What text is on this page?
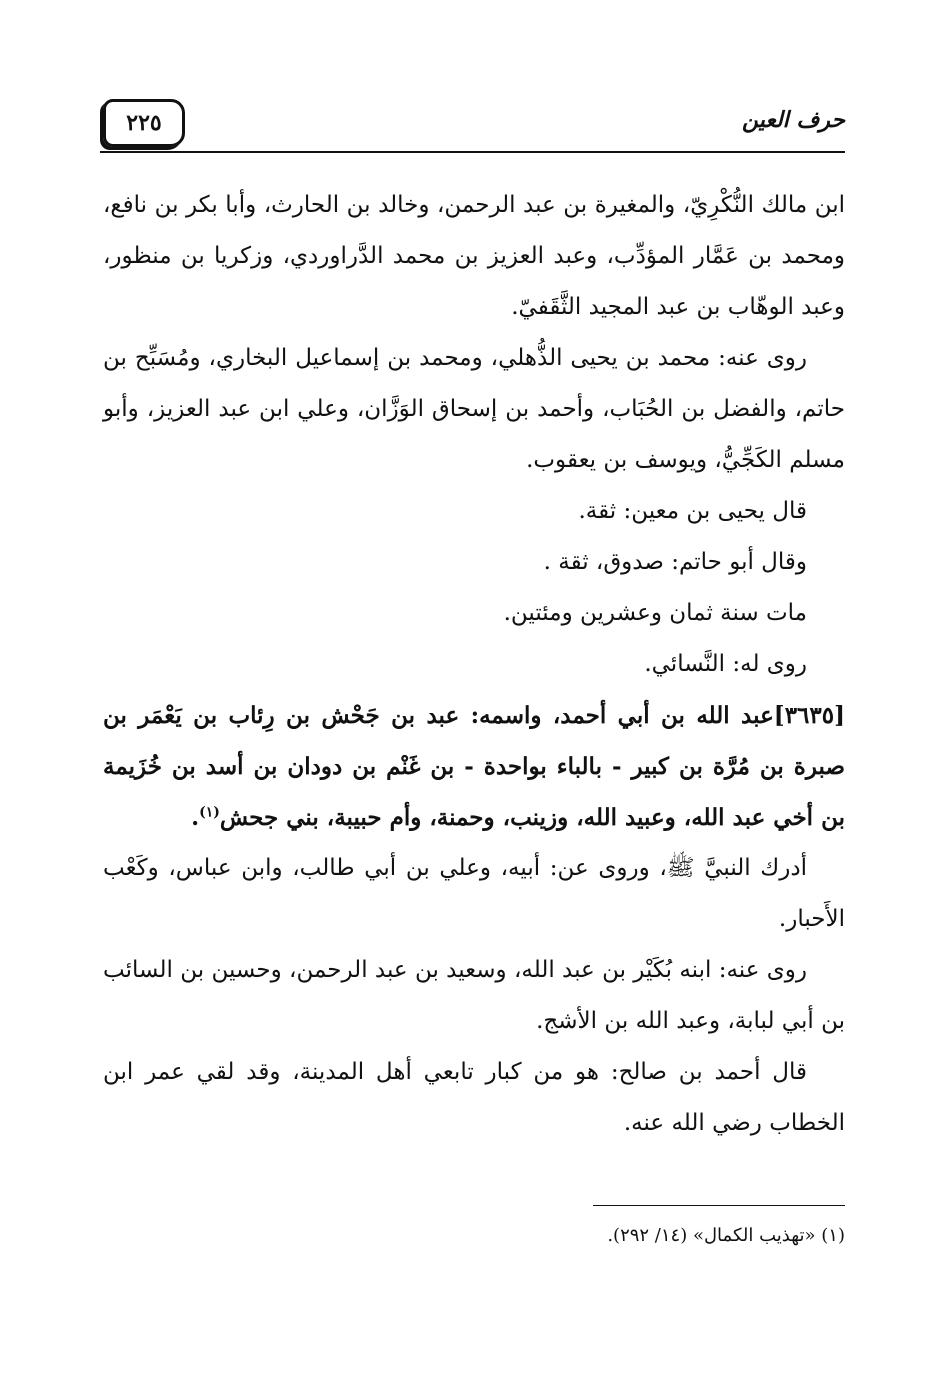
حرف العين
٢٢٥

ابن مالك النُّكْرِيّ، والمغيرة بن عبد الرحمن، وخالد بن الحارث، وأبا بكر بن نافع، ومحمد بن عَمَّار المؤدِّب، وعبد العزيز بن محمد الدَّراوردي، وزكريا بن منظور، وعبد الوهّاب بن عبد المجيد الثَّقَفيّ.

روى عنه: محمد بن يحيى الذُّهلي، ومحمد بن إسماعيل البخاري، ومُسَبِّح بن حاتم، والفضل بن الحُبَاب، وأحمد بن إسحاق الوَزَّان، وعلي ابن عبد العزيز، وأبو مسلم الكَجِّيُّ، ويوسف بن يعقوب.

قال يحيى بن معين: ثقة.

وقال أبو حاتم: صدوق، ثقة .

مات سنة ثمان وعشرين ومئتين.

روى له: النَّسائي.

[٣٦٣٥]عبد الله بن أبي أحمد، واسمه: عبد بن جَحْش بن رِئاب بن يَعْمَر بن صبرة بن مُرَّة بن كبير - بالباء بواحدة - بن غَنْم بن دودان بن أسد بن خُزَيمة بن أخي عبد الله، وعبيد الله، وزينب، وحمنة، وأم حبيبة، بني جحش$^{(١)}$.

أدرك النبيَّ ﷺ، وروى عن: أبيه، وعلي بن أبي طالب، وابن عباس، وكَعْب الأَحبار.

روى عنه: ابنه بُكَيْر بن عبد الله، وسعيد بن عبد الرحمن، وحسين بن السائب بن أبي لبابة، وعبد الله بن الأشج.

قال أحمد بن صالح: هو من كبار تابعي أهل المدينة، وقد لقي عمر ابن الخطاب رضي الله عنه.

(١) «تهذيب الكمال» (١٤/ ٢٩٢).
